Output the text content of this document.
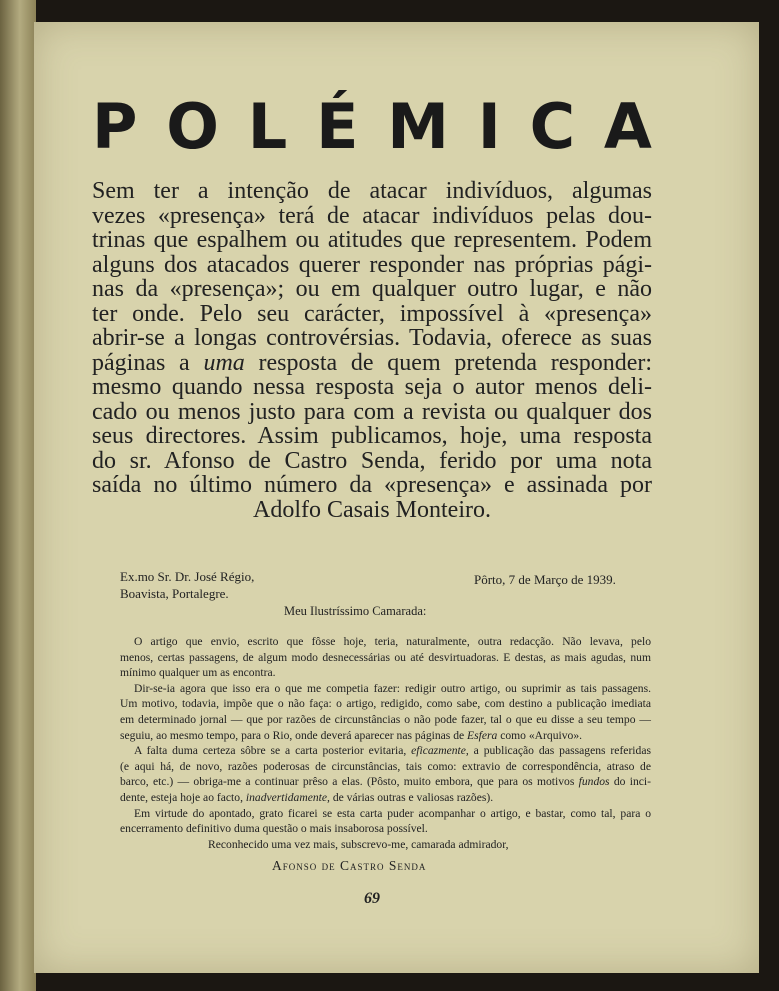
P O L É M I C A
Sem ter a intenção de atacar indivíduos, algumas
vezes «presença» terá de atacar indivíduos pelas dou-
trinas que espalhem ou atitudes que representem. Podem
alguns dos atacados querer responder nas próprias pági-
nas da «presença»; ou em qualquer outro lugar, e não
ter onde. Pelo seu carácter, impossível à «presença»
abrir-se a longas controvérsias. Todavia, oferece as suas
páginas a uma resposta de quem pretenda responder:
mesmo quando nessa resposta seja o autor menos deli-
cado ou menos justo para com a revista ou qualquer dos
seus directores. Assim publicamos, hoje, uma resposta
do sr. Afonso de Castro Senda, ferido por uma nota
saída no último número da «presença» e assinada por
Adolfo Casais Monteiro.
Ex.mo Sr. Dr. José Régio,
Boavista, Portalegre.
Pôrto, 7 de Março de 1939.
Meu Ilustríssimo Camarada:
O artigo que envio, escrito que fôsse hoje, teria, naturalmente, outra redacção. Não levava, pelo
menos, certas passagens, de algum modo desnecessárias ou até desvirtuadoras. E destas, as mais agudas, num
mínimo qualquer um as encontra.
Dir-se-ia agora que isso era o que me competia fazer: redigir outro artigo, ou suprimir as tais passagens.
Um motivo, todavia, impõe que o não faça: o artigo, redigido, como sabe, com destino a publicação imediata
em determinado jornal — que por razões de circunstâncias o não pode fazer, tal o que eu disse a seu tempo —
seguiu, ao mesmo tempo, para o Rio, onde deverá aparecer nas páginas de Esfera como «Arquivo».
A falta duma certeza sôbre se a carta posterior evitaria, eficazmente, a publicação das passagens referidas
(e aqui há, de novo, razões poderosas de circunstâncias, tais como: extravio de correspondência, atraso de
barco, etc.) — obriga-me a continuar prêso a elas. (Pôsto, muito embora, que para os motivos fundos do inci-
dente, esteja hoje ao facto, inadvertidamente, de várias outras e valiosas razões).
Em virtude do apontado, grato ficarei se esta carta puder acompanhar o artigo, e bastar, como tal, para o
encerramento definitivo duma questão o mais insaborosa possível.
Reconhecido uma vez mais, subscrevo-me, camarada admirador,
Afonso de Castro Senda
69
